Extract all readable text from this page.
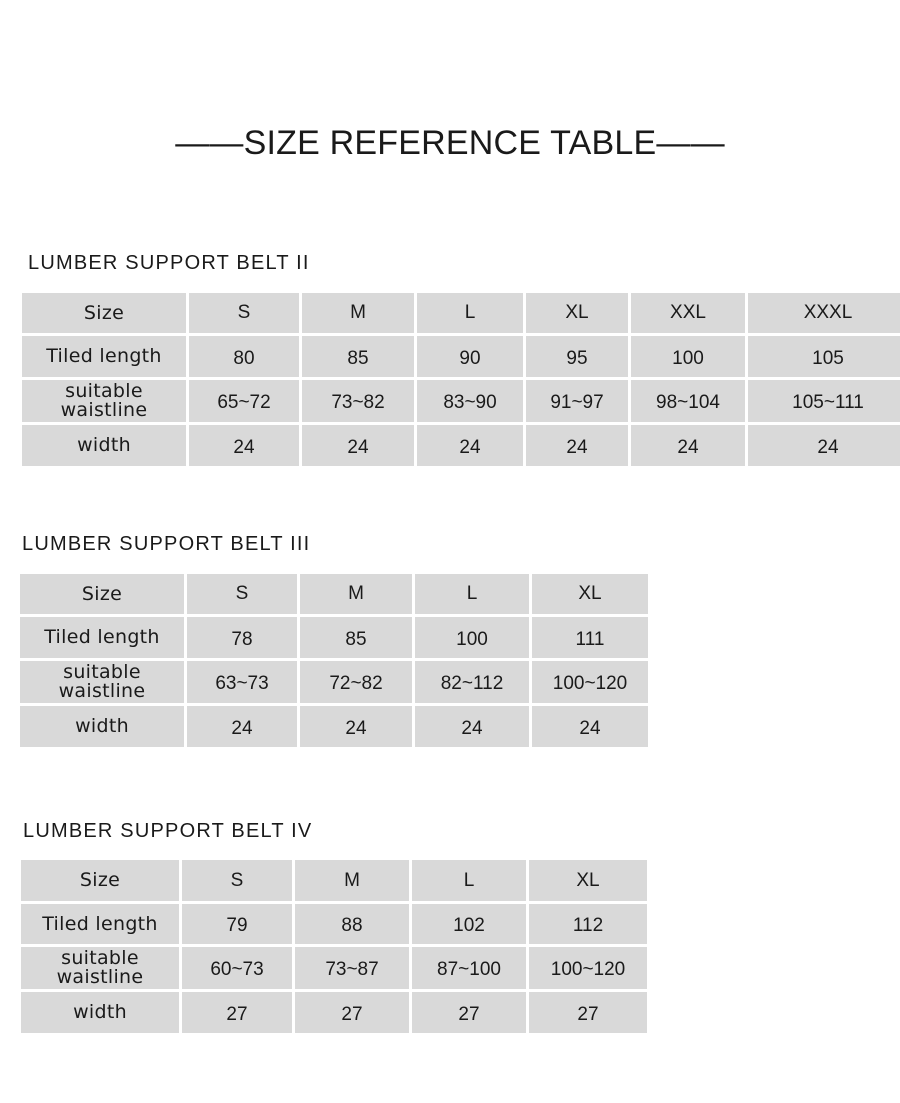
——SIZE REFERENCE TABLE——
LUMBER SUPPORT BELT II
Size	S	M	L	XL	XXL	XXXL
Tiled length	80	85	90	95	100	105

suitable
waistline	65~72	73~82	83~90	91~97	98~104	105~111
width	24	24	24	24	24	24
LUMBER SUPPORT BELT III
Size	S	M	L	XL
Tiled length	78	85	100	111

suitable
waistline	63~73	72~82	82~112	100~120
width	24	24	24	24
LUMBER SUPPORT BELT IV
Size	S	M	L	XL
Tiled length	79	88	102	112

suitable
waistline	60~73	73~87	87~100	100~120
width	27	27	27	27
